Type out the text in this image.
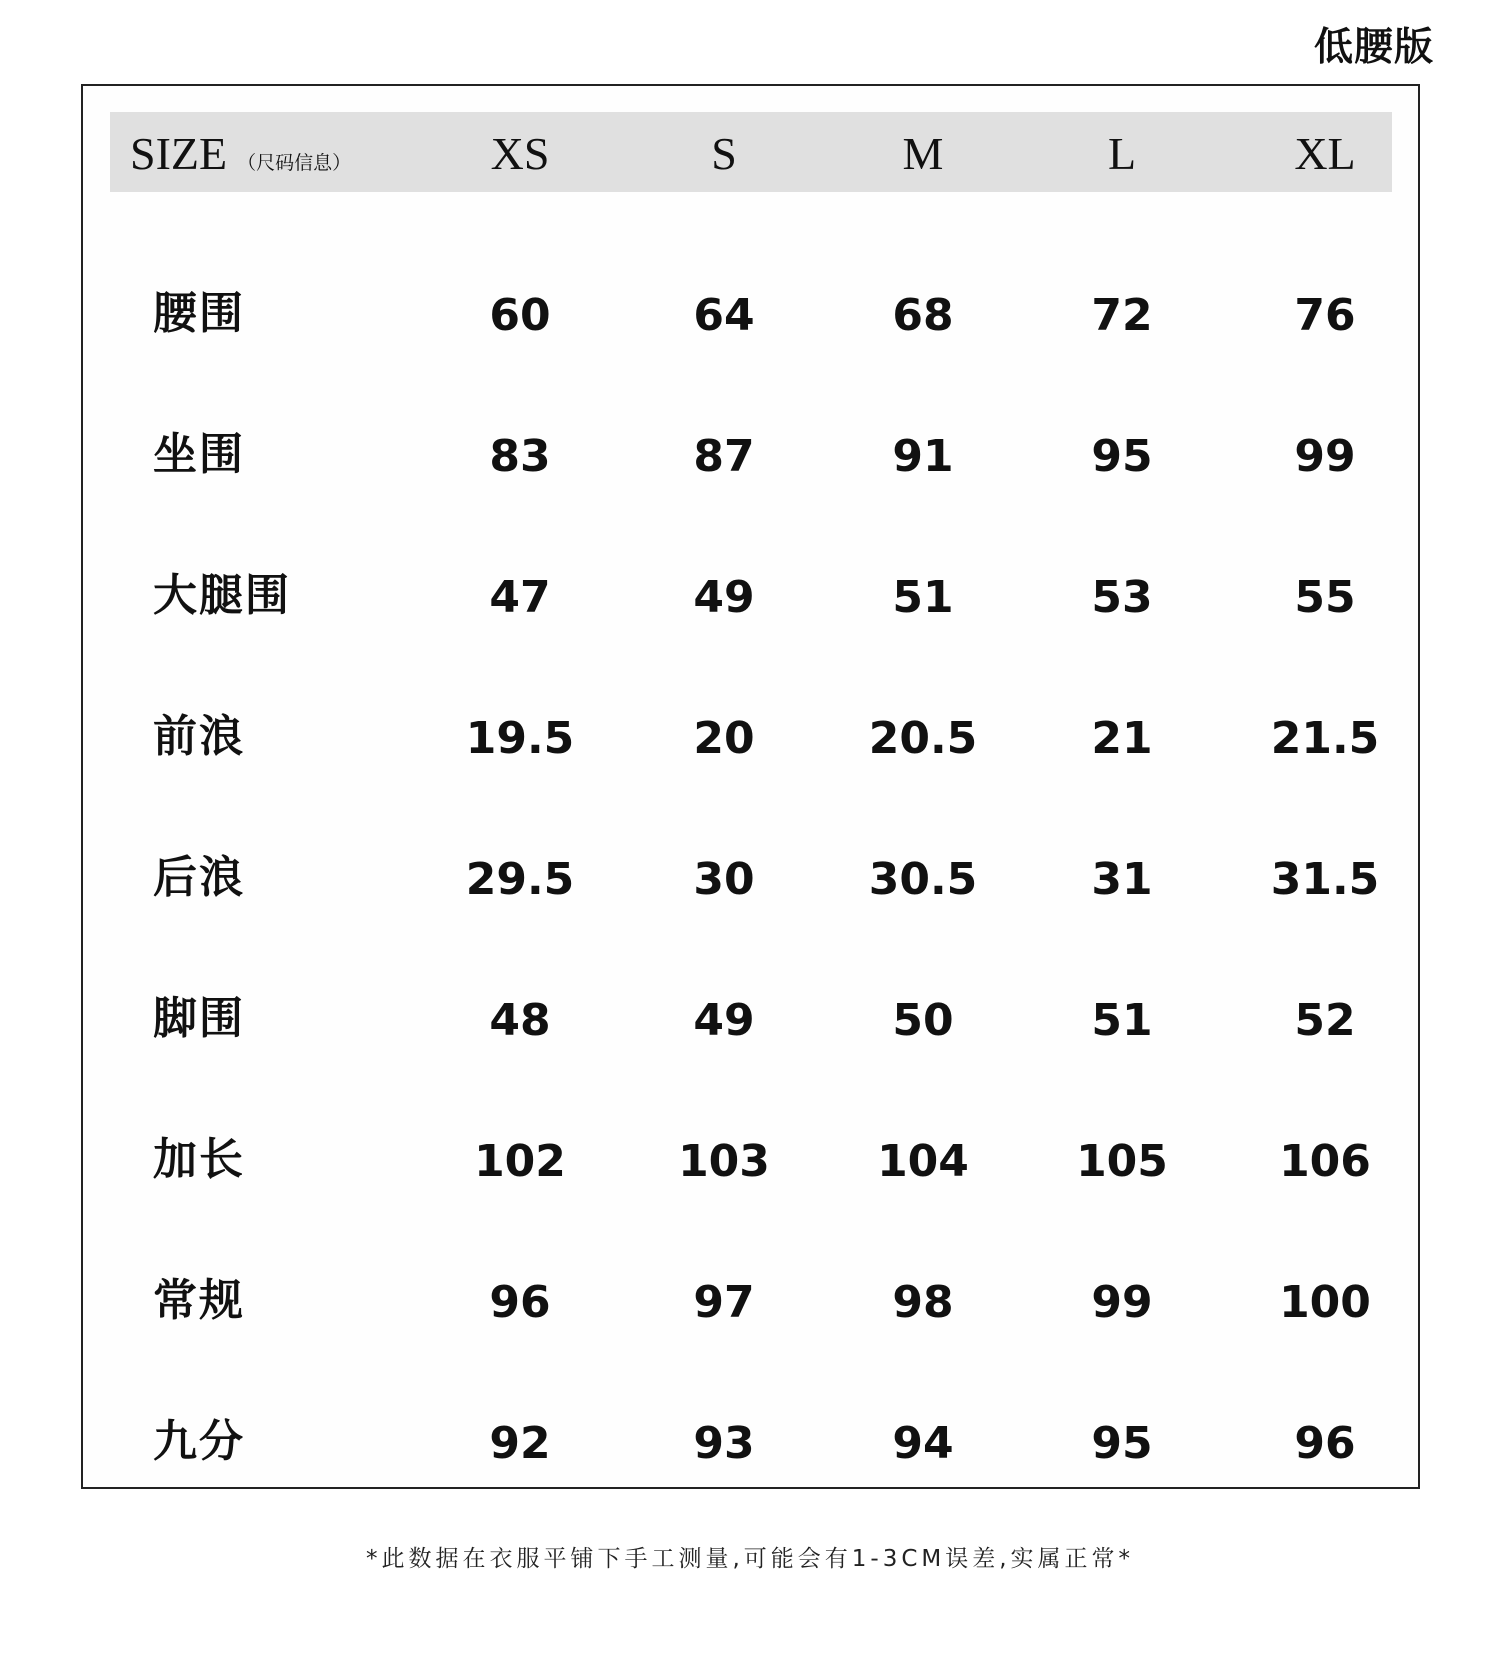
低腰版
SIZE （尺码信息）	XS	S	M	L	XL
腰围	60	64	68	72	76
坐围	83	87	91	95	99
大腿围	47	49	51	53	55
前浪	19.5	20	20.5	21	21.5
后浪	29.5	30	30.5	31	31.5
脚围	48	49	50	51	52
加长	102	103	104	105	106
常规	96	97	98	99	100
九分	92	93	94	95	96
*此数据在衣服平铺下手工测量,可能会有1-3CM误差,实属正常*
